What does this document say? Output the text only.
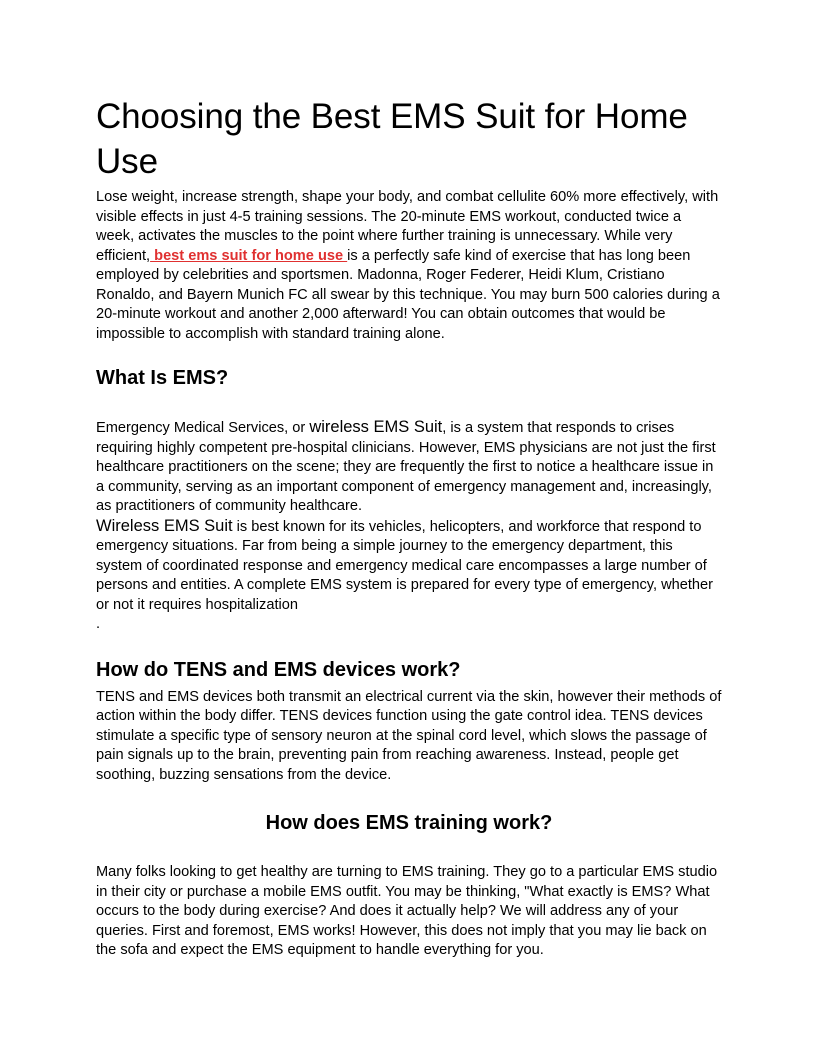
Choosing the Best EMS Suit for Home Use

Lose weight, increase strength, shape your body, and combat cellulite 60% more effectively, with visible effects in just 4-5 training sessions. The 20-minute EMS workout, conducted twice a week, activates the muscles to the point where further training is unnecessary. While very efficient, best ems suit for home use is a perfectly safe kind of exercise that has long been employed by celebrities and sportsmen. Madonna, Roger Federer, Heidi Klum, Cristiano Ronaldo, and Bayern Munich FC all swear by this technique. You may burn 500 calories during a 20-minute workout and another 2,000 afterward! You can obtain outcomes that would be impossible to accomplish with standard training alone.

What Is EMS?

Emergency Medical Services, or wireless EMS Suit, is a system that responds to crises requiring highly competent pre-hospital clinicians. However, EMS physicians are not just the first healthcare practitioners on the scene; they are frequently the first to notice a healthcare issue in a community, serving as an important component of emergency management and, increasingly, as practitioners of community healthcare.

Wireless EMS Suit is best known for its vehicles, helicopters, and workforce that respond to emergency situations. Far from being a simple journey to the emergency department, this system of coordinated response and emergency medical care encompasses a large number of persons and entities. A complete EMS system is prepared for every type of emergency, whether or not it requires hospitalization

.

How do TENS and EMS devices work?

TENS and EMS devices both transmit an electrical current via the skin, however their methods of action within the body differ. TENS devices function using the gate control idea. TENS devices stimulate a specific type of sensory neuron at the spinal cord level, which slows the passage of pain signals up to the brain, preventing pain from reaching awareness. Instead, people get soothing, buzzing sensations from the device.

How does EMS training work?

Many folks looking to get healthy are turning to EMS training. They go to a particular EMS studio in their city or purchase a mobile EMS outfit. You may be thinking, "What exactly is EMS? What occurs to the body during exercise? And does it actually help? We will address any of your queries. First and foremost, EMS works! However, this does not imply that you may lie back on the sofa and expect the EMS equipment to handle everything for you.
